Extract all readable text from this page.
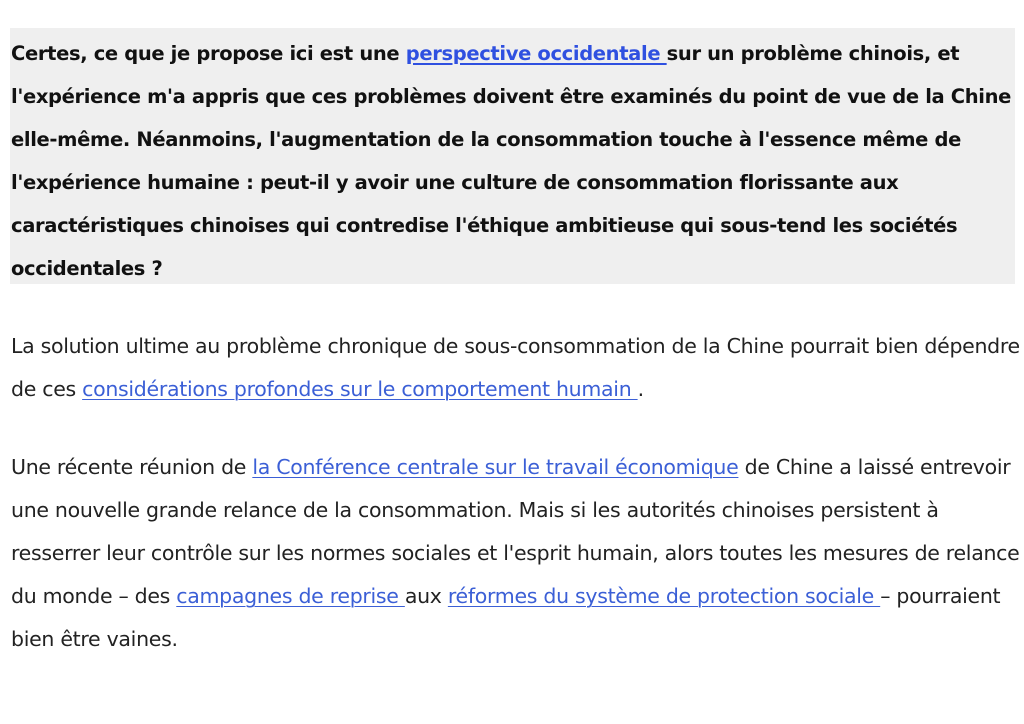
Certes, ce que je propose ici est une perspective occidentale sur un problème chinois, et l'expérience m'a appris que ces problèmes doivent être examinés du point de vue de la Chine elle-même. Néanmoins, l'augmentation de la consommation touche à l'essence même de l'expérience humaine : peut-il y avoir une culture de consommation florissante aux caractéristiques chinoises qui contredise l'éthique ambitieuse qui sous-tend les sociétés occidentales ?

La solution ultime au problème chronique de sous-consommation de la Chine pourrait bien dépendre de ces considérations profondes sur le comportement humain .

Une récente réunion de la Conférence centrale sur le travail économique de Chine a laissé entrevoir une nouvelle grande relance de la consommation. Mais si les autorités chinoises persistent à resserrer leur contrôle sur les normes sociales et l'esprit humain, alors toutes les mesures de relance du monde – des campagnes de reprise aux réformes du système de protection sociale – pourraient bien être vaines.
